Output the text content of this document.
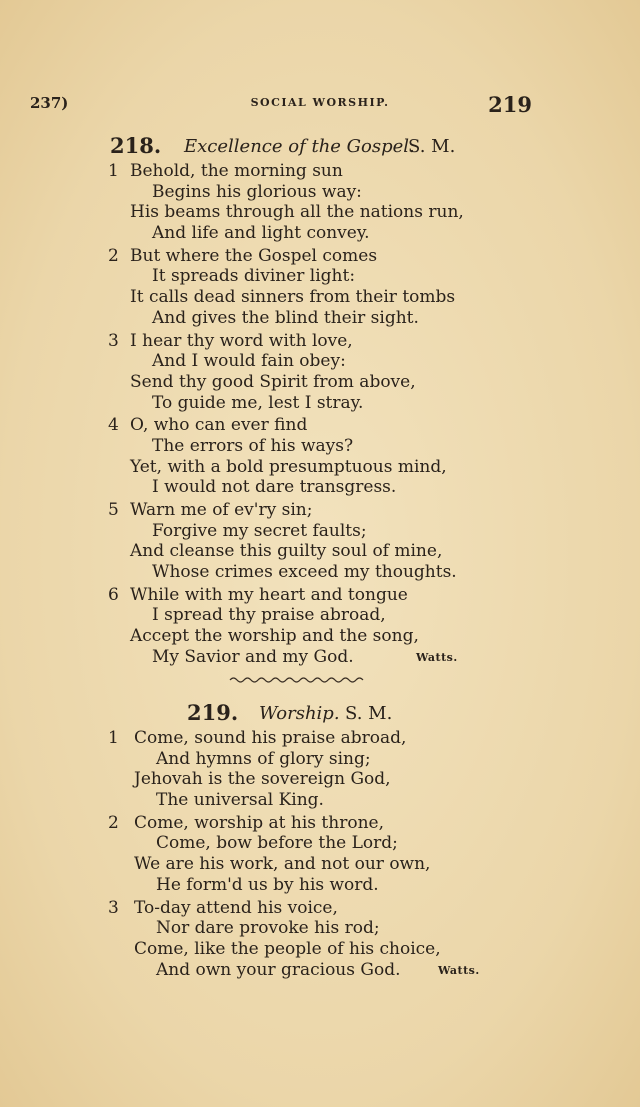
237)	SOCIAL WORSHIP.	219
218. Excellence of the Gospel.
S. M.
1 Behold, the morning sun
Begins his glorious way:
His beams through all the nations run,
And life and light convey.
2 But where the Gospel comes
It spreads diviner light:
It calls dead sinners from their tombs
And gives the blind their sight.
3 I hear thy word with love,
And I would fain obey:
Send thy good Spirit from above,
To guide me, lest I stray.
4 O, who can ever find
The errors of his ways?
Yet, with a bold presumptuous mind,
I would not dare transgress.
5 Warn me of ev'ry sin;
Forgive my secret faults;
And cleanse this guilty soul of mine,
Whose crimes exceed my thoughts.
6 While with my heart and tongue
I spread thy praise abroad,
Accept the worship and the song,
My Savior and my God.	Watts.
219. Worship. S. M.
1 Come, sound his praise abroad,
And hymns of glory sing;
Jehovah is the sovereign God,
The universal King.
2 Come, worship at his throne,
Come, bow before the Lord;
We are his work, and not our own,
He form'd us by his word.
3 To-day attend his voice,
Nor dare provoke his rod;
Come, like the people of his choice,
And own your gracious God.	Watts.
